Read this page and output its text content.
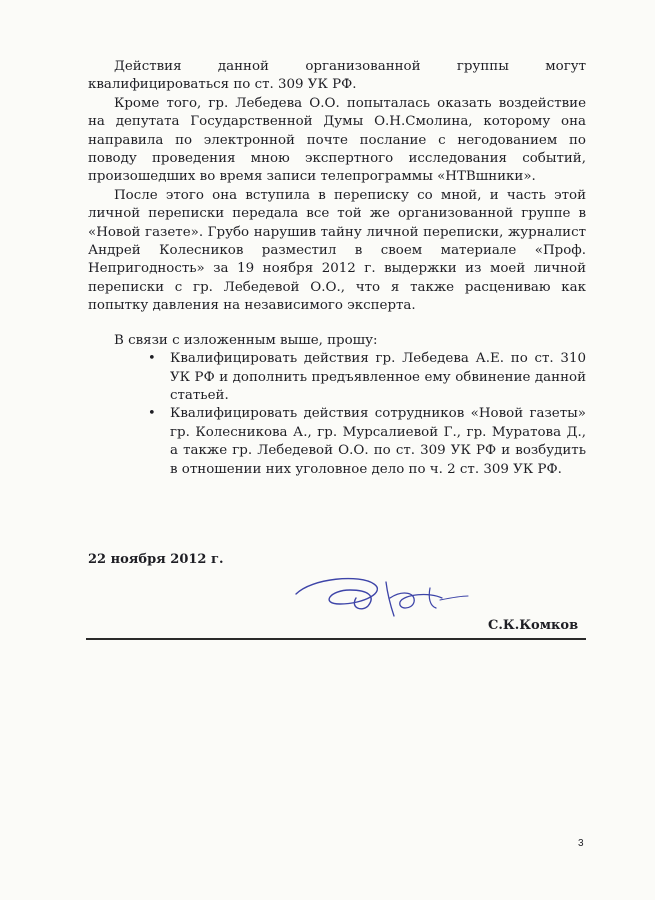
Действия данной организованной группы могут квалифицироваться по ст. 309 УК РФ.

Кроме того, гр. Лебедева О.О. попыталась оказать воздействие на депутата Государственной Думы О.Н.Смолина, которому она направила по электронной почте послание с негодованием по поводу проведения мною экспертного исследования событий, произошедших во время записи телепрограммы «НТВшники».

После этого она вступила в переписку со мной, и часть этой личной переписки передала все той же организованной группе в «Новой газете». Грубо нарушив тайну личной переписки, журналист Андрей Колесников разместил в своем материале «Проф. Непригодность» за 19 ноября 2012 г. выдержки из моей личной переписки с гр. Лебедевой О.О., что я также расцениваю как попытку давления на независимого эксперта.

В связи с изложенным выше, прошу:

• Квалифицировать действия гр. Лебедева А.Е. по ст. 310 УК РФ и дополнить предъявленное ему обвинение данной статьей.
• Квалифицировать действия сотрудников «Новой газеты» гр. Колесникова А., гр. Мурсалиевой Г., гр. Муратова Д., а также гр. Лебедевой О.О. по ст. 309 УК РФ и возбудить в отношении них уголовное дело по ч. 2 ст. 309 УК РФ.
22 ноября 2012 г.
С.К.Комков
3
